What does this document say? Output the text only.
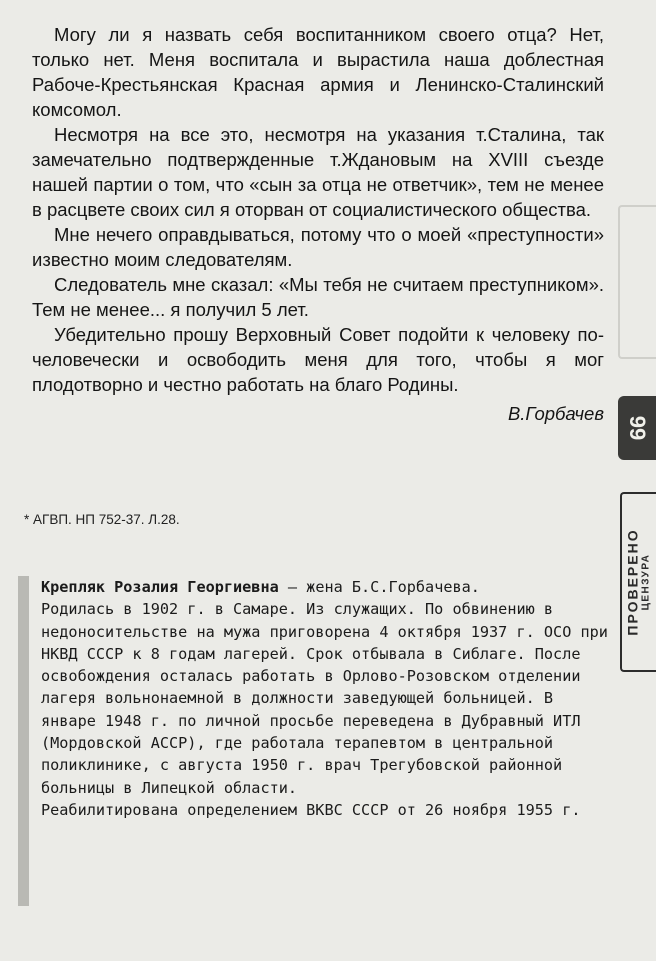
Могу ли я назвать себя воспитанником своего отца? Нет, только нет. Меня воспитала и вырастила наша доблестная Рабоче-Крестьянская Красная армия и Ленинско-Сталинский комсомол.

Несмотря на все это, несмотря на указания т.Сталина, так замечательно подтвержденные т.Ждановым на XVIII съезде нашей партии о том, что «сын за отца не ответчик», тем не менее в расцвете своих сил я оторван от социалистического общества.

Мне нечего оправдываться, потому что о моей «преступности» известно моим следователям.

Следователь мне сказал: «Мы тебя не считаем преступником». Тем не менее... я получил 5 лет.

Убедительно прошу Верховный Совет подойти к человеку по-человечески и освободить меня для того, чтобы я мог плодотворно и честно работать на благо Родины.

В.Горбачев

* АГВП. НП 752-37. Л.28.

Крепляк Розалия Георгиевна – жена Б.С.Горбачева.

Родилась в 1902 г. в Самаре. Из служащих. По обвинению в недоносительстве на мужа приговорена 4 октября 1937 г. ОСО при НКВД СССР к 8 годам лагерей. Срок отбывала в Сиблаге. После освобождения осталась работать в Орлово-Розовском отделении лагеря вольнонаемной в должности заведующей больницей. В январе 1948 г. по личной просьбе переведена в Дубравный ИТЛ (Мордовской АССР), где работала терапевтом в центральной поликлинике, с августа 1950 г. врач Трегубовской районной больницы в Липецкой области.

Реабилитирована определением ВКВС СССР от 26 ноября 1955 г.

99
ПРОВЕРЕНО ЦЕНЗУРА
